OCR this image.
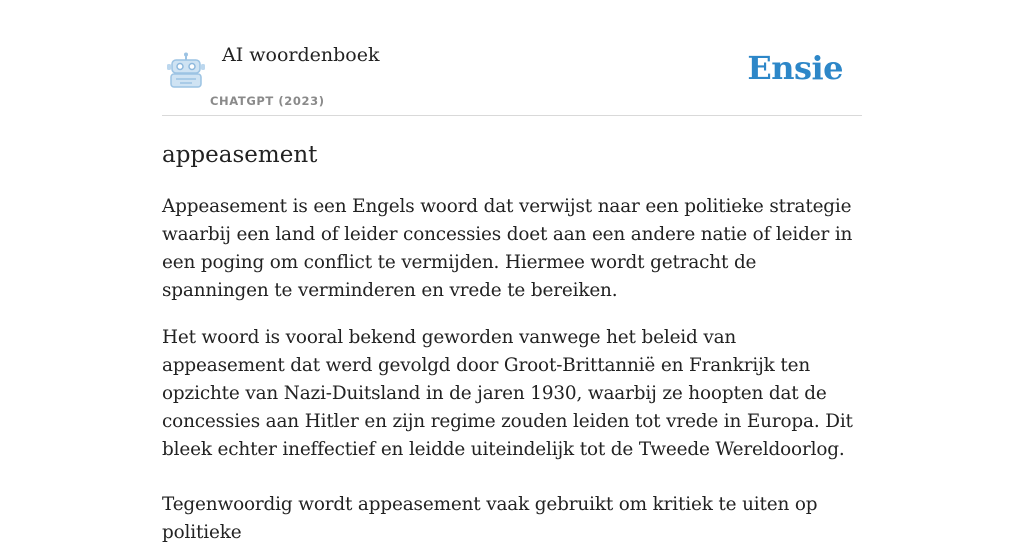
AI woordenboek
CHATGPT (2023)
Ensie
appeasement

Appeasement is een Engels woord dat verwijst naar een politieke strategie waarbij een land of leider concessies doet aan een andere natie of leider in een poging om conflict te vermijden. Hiermee wordt getracht de spanningen te verminderen en vrede te bereiken.

Het woord is vooral bekend geworden vanwege het beleid van appeasement dat werd gevolgd door Groot-Brittannië en Frankrijk ten opzichte van Nazi-Duitsland in de jaren 1930, waarbij ze hoopten dat de concessies aan Hitler en zijn regime zouden leiden tot vrede in Europa. Dit bleek echter ineffectief en leidde uiteindelijk tot de Tweede Wereldoorlog.

Tegenwoordig wordt appeasement vaak gebruikt om kritiek te uiten op politieke
